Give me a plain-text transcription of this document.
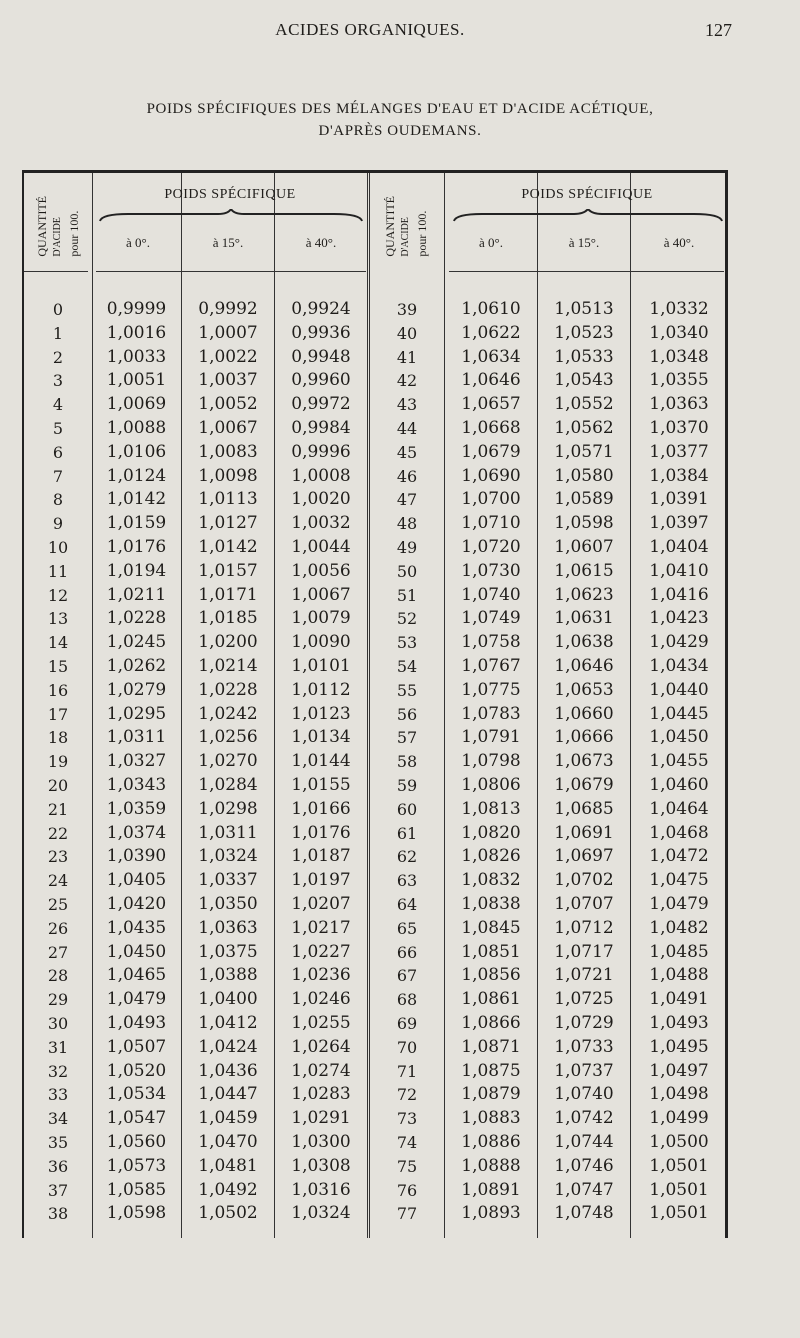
ACIDES ORGANIQUES.	127
POIDS SPÉCIFIQUES DES MÉLANGES D'EAU ET D'ACIDE ACÉTIQUE,
D'APRÈS OUDEMANS.
QUANTITÉ D'ACIDE pour 100.
POIDS SPÉCIFIQUE
à 0°.	à 15°.	à 40°.	QUANTITÉ D'ACIDE pour 100.
POIDS SPÉCIFIQUE
à 0°.	à 15°.	à 40°.
0	0,9999	0,9992	0,9924
1	1,0016	1,0007	0,9936
2	1,0033	1,0022	0,9948
3	1,0051	1,0037	0,9960
4	1,0069	1,0052	0,9972
5	1,0088	1,0067	0,9984
6	1,0106	1,0083	0,9996
7	1,0124	1,0098	1,0008
8	1,0142	1,0113	1,0020
9	1,0159	1,0127	1,0032
10	1,0176	1,0142	1,0044
11	1,0194	1,0157	1,0056
12	1,0211	1,0171	1,0067
13	1,0228	1,0185	1,0079
14	1,0245	1,0200	1,0090
15	1,0262	1,0214	1,0101
16	1,0279	1,0228	1,0112
17	1,0295	1,0242	1,0123
18	1,0311	1,0256	1,0134
19	1,0327	1,0270	1,0144
20	1,0343	1,0284	1,0155
21	1,0359	1,0298	1,0166
22	1,0374	1,0311	1,0176
23	1,0390	1,0324	1,0187
24	1,0405	1,0337	1,0197
25	1,0420	1,0350	1,0207
26	1,0435	1,0363	1,0217
27	1,0450	1,0375	1,0227
28	1,0465	1,0388	1,0236
29	1,0479	1,0400	1,0246
30	1,0493	1,0412	1,0255
31	1,0507	1,0424	1,0264
32	1,0520	1,0436	1,0274
33	1,0534	1,0447	1,0283
34	1,0547	1,0459	1,0291
35	1,0560	1,0470	1,0300
36	1,0573	1,0481	1,0308
37	1,0585	1,0492	1,0316
38	1,0598	1,0502	1,0324
39	1,0610	1,0513	1,0332
40	1,0622	1,0523	1,0340
41	1,0634	1,0533	1,0348
42	1,0646	1,0543	1,0355
43	1,0657	1,0552	1,0363
44	1,0668	1,0562	1,0370
45	1,0679	1,0571	1,0377
46	1,0690	1,0580	1,0384
47	1,0700	1,0589	1,0391
48	1,0710	1,0598	1,0397
49	1,0720	1,0607	1,0404
50	1,0730	1,0615	1,0410
51	1,0740	1,0623	1,0416
52	1,0749	1,0631	1,0423
53	1,0758	1,0638	1,0429
54	1,0767	1,0646	1,0434
55	1,0775	1,0653	1,0440
56	1,0783	1,0660	1,0445
57	1,0791	1,0666	1,0450
58	1,0798	1,0673	1,0455
59	1,0806	1,0679	1,0460
60	1,0813	1,0685	1,0464
61	1,0820	1,0691	1,0468
62	1,0826	1,0697	1,0472
63	1,0832	1,0702	1,0475
64	1,0838	1,0707	1,0479
65	1,0845	1,0712	1,0482
66	1,0851	1,0717	1,0485
67	1,0856	1,0721	1,0488
68	1,0861	1,0725	1,0491
69	1,0866	1,0729	1,0493
70	1,0871	1,0733	1,0495
71	1,0875	1,0737	1,0497
72	1,0879	1,0740	1,0498
73	1,0883	1,0742	1,0499
74	1,0886	1,0744	1,0500
75	1,0888	1,0746	1,0501
76	1,0891	1,0747	1,0501
77	1,0893	1,0748	1,0501
